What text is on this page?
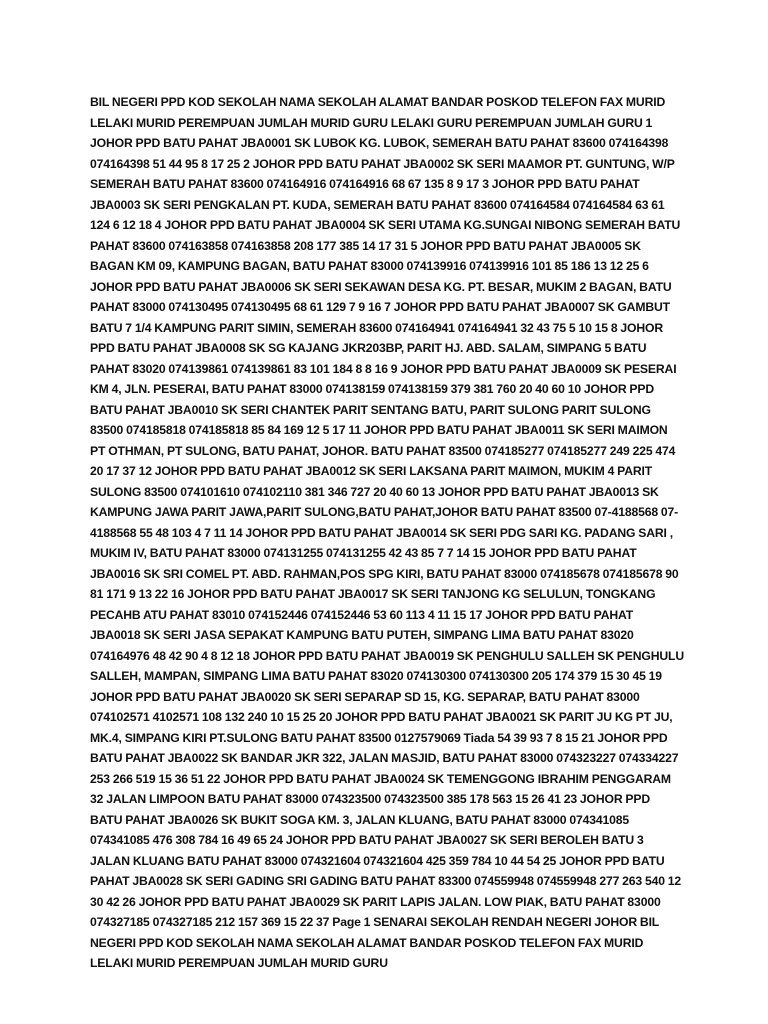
BIL NEGERI PPD KOD SEKOLAH NAMA SEKOLAH ALAMAT BANDAR POSKOD TELEFON FAX MURID LELAKI MURID PEREMPUAN JUMLAH MURID GURU LELAKI GURU PEREMPUAN JUMLAH GURU 1 JOHOR PPD BATU PAHAT JBA0001 SK LUBOK KG. LUBOK, SEMERAH BATU PAHAT 83600 074164398 074164398 51 44 95 8 17 25 2 JOHOR PPD BATU PAHAT JBA0002 SK SERI MAAMOR PT. GUNTUNG, W/P SEMERAH BATU PAHAT 83600 074164916 074164916 68 67 135 8 9 17 3 JOHOR PPD BATU PAHAT JBA0003 SK SERI PENGKALAN PT. KUDA, SEMERAH BATU PAHAT 83600 074164584 074164584 63 61 124 6 12 18 4 JOHOR PPD BATU PAHAT JBA0004 SK SERI UTAMA KG.SUNGAI NIBONG SEMERAH BATU PAHAT 83600 074163858 074163858 208 177 385 14 17 31 5 JOHOR PPD BATU PAHAT JBA0005 SK BAGAN KM 09, KAMPUNG BAGAN, BATU PAHAT 83000 074139916 074139916 101 85 186 13 12 25 6 JOHOR PPD BATU PAHAT JBA0006 SK SERI SEKAWAN DESA KG. PT. BESAR, MUKIM 2 BAGAN, BATU PAHAT 83000 074130495 074130495 68 61 129 7 9 16 7 JOHOR PPD BATU PAHAT JBA0007 SK GAMBUT BATU 7 1/4 KAMPUNG PARIT SIMIN, SEMERAH 83600 074164941 074164941 32 43 75 5 10 15 8 JOHOR PPD BATU PAHAT JBA0008 SK SG KAJANG JKR203BP, PARIT HJ. ABD. SALAM, SIMPANG 5 BATU PAHAT 83020 074139861 074139861 83 101 184 8 8 16 9 JOHOR PPD BATU PAHAT JBA0009 SK PESERAI KM 4, JLN. PESERAI, BATU PAHAT 83000 074138159 074138159 379 381 760 20 40 60 10 JOHOR PPD BATU PAHAT JBA0010 SK SERI CHANTEK PARIT SENTANG BATU, PARIT SULONG PARIT SULONG 83500 074185818 074185818 85 84 169 12 5 17 11 JOHOR PPD BATU PAHAT JBA0011 SK SERI MAIMON PT OTHMAN, PT SULONG, BATU PAHAT, JOHOR. BATU PAHAT 83500 074185277 074185277 249 225 474 20 17 37 12 JOHOR PPD BATU PAHAT JBA0012 SK SERI LAKSANA PARIT MAIMON, MUKIM 4 PARIT SULONG 83500 074101610 074102110 381 346 727 20 40 60 13 JOHOR PPD BATU PAHAT JBA0013 SK KAMPUNG JAWA PARIT JAWA,PARIT SULONG,BATU PAHAT,JOHOR BATU PAHAT 83500 07-4188568 07-4188568 55 48 103 4 7 11 14 JOHOR PPD BATU PAHAT JBA0014 SK SERI PDG SARI KG. PADANG SARI , MUKIM IV, BATU PAHAT 83000 074131255 074131255 42 43 85 7 7 14 15 JOHOR PPD BATU PAHAT JBA0016 SK SRI COMEL PT. ABD. RAHMAN,POS SPG KIRI, BATU PAHAT 83000 074185678 074185678 90 81 171 9 13 22 16 JOHOR PPD BATU PAHAT JBA0017 SK SERI TANJONG KG SELULUN, TONGKANG PECAHB ATU PAHAT 83010 074152446 074152446 53 60 113 4 11 15 17 JOHOR PPD BATU PAHAT JBA0018 SK SERI JASA SEPAKAT KAMPUNG BATU PUTEH, SIMPANG LIMA BATU PAHAT 83020 074164976 48 42 90 4 8 12 18 JOHOR PPD BATU PAHAT JBA0019 SK PENGHULU SALLEH SK PENGHULU SALLEH, MAMPAN, SIMPANG LIMA BATU PAHAT 83020 074130300 074130300 205 174 379 15 30 45 19 JOHOR PPD BATU PAHAT JBA0020 SK SERI SEPARAP SD 15, KG. SEPARAP, BATU PAHAT 83000 074102571 4102571 108 132 240 10 15 25 20 JOHOR PPD BATU PAHAT JBA0021 SK PARIT JU KG PT JU, MK.4, SIMPANG KIRI PT.SULONG BATU PAHAT 83500 0127579069 Tiada 54 39 93 7 8 15 21 JOHOR PPD BATU PAHAT JBA0022 SK BANDAR JKR 322, JALAN MASJID, BATU PAHAT 83000 074323227 074334227 253 266 519 15 36 51 22 JOHOR PPD BATU PAHAT JBA0024 SK TEMENGGONG IBRAHIM PENGGARAM 32 JALAN LIMPOON BATU PAHAT 83000 074323500 074323500 385 178 563 15 26 41 23 JOHOR PPD BATU PAHAT JBA0026 SK BUKIT SOGA KM. 3, JALAN KLUANG, BATU PAHAT 83000 074341085 074341085 476 308 784 16 49 65 24 JOHOR PPD BATU PAHAT JBA0027 SK SERI BEROLEH BATU 3 JALAN KLUANG BATU PAHAT 83000 074321604 074321604 425 359 784 10 44 54 25 JOHOR PPD BATU PAHAT JBA0028 SK SERI GADING SRI GADING BATU PAHAT 83300 074559948 074559948 277 263 540 12 30 42 26 JOHOR PPD BATU PAHAT JBA0029 SK PARIT LAPIS JALAN. LOW PIAK, BATU PAHAT 83000 074327185 074327185 212 157 369 15 22 37 Page 1 SENARAI SEKOLAH RENDAH NEGERI JOHOR BIL NEGERI PPD KOD SEKOLAH NAMA SEKOLAH ALAMAT BANDAR POSKOD TELEFON FAX MURID LELAKI MURID PEREMPUAN JUMLAH MURID GURU
